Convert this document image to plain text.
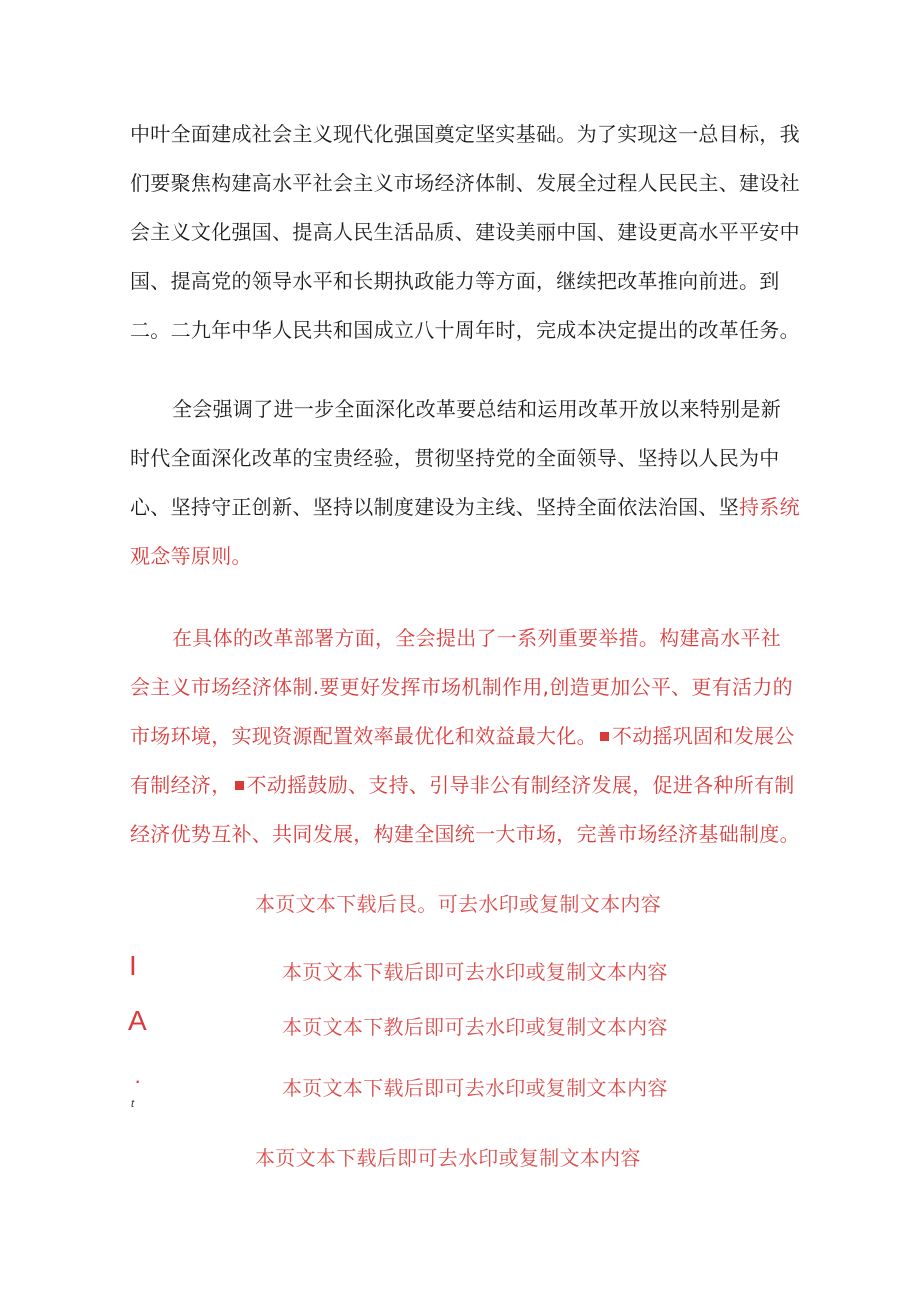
中叶全面建成社会主义现代化强国奠定坚实基础。为了实现这一总目标，我们要聚焦构建高水平社会主义市场经济体制、发展全过程人民民主、建设社会主义文化强国、提高人民生活品质、建设美丽中国、建设更高水平平安中国、提高党的领导水平和长期执政能力等方面，继续把改革推向前进。到二。二九年中华人民共和国成立八十周年时，完成本决定提出的改革任务。

全会强调了进一步全面深化改革要总结和运用改革开放以来特别是新时代全面深化改革的宝贵经验，贯彻坚持党的全面领导、坚持以人民为中心、坚持守正创新、坚持以制度建设为主线、坚持全面依法治国、坚持系统观念等原则。

在具体的改革部署方面，全会提出了一系列重要举措。构建高水平社会主义市场经济体制.要更好发挥市场机制作用,创造更加公平、更有活力的市场环境，实现资源配置效率最优化和效益最大化。 不动摇巩固和发展公有制经济， 不动摇鼓励、支持、引导非公有制经济发展，促进各种所有制经济优势互补、共同发展，构建全国统一大市场，完善市场经济基础制度。

本页文本下载后艮。可去水印或复制文本内容
本页文本下载后即可去水印或复制文本内容
本页文本下教后即可去水印或复制文本内容
本页文本下载后即可去水印或复制文本内容
本页文本下载后即可去水印或复制文本内容
I
A
·
t
